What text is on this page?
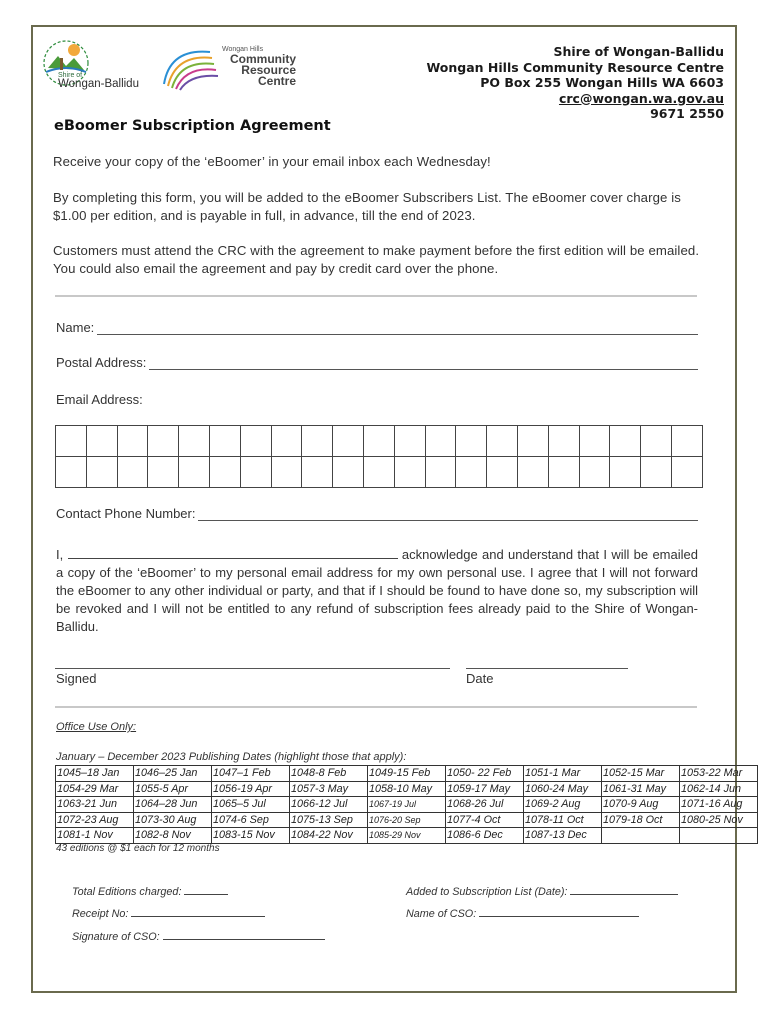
Shire of
Wongan-Ballidu
Wongan Hills
Community
Resource
Centre
Shire of Wongan-Ballidu
Wongan Hills Community Resource Centre
PO Box 255 Wongan Hills WA 6603
crc@wongan.wa.gov.au
9671 2550
eBoomer Subscription Agreement
Receive your copy of the ‘eBoomer’ in your email inbox each Wednesday!
By completing this form, you will be added to the eBoomer Subscribers List. The eBoomer cover charge is $1.00 per edition, and is payable in full, in advance, till the end of 2023.
Customers must attend the CRC with the agreement to make payment before the first edition will be emailed. You could also email the agreement and pay by credit card over the phone.
Name:
Postal Address:
Email Address:

Contact Phone Number:
I,	acknowledge and understand that I will be emailed a copy of the ‘eBoomer’ to my personal email address for my own personal use. I agree that I will not forward the eBoomer to any other individual or party, and that if I should be found to have done so, my subscription will be revoked and I will not be entitled to any refund of subscription fees already paid to the Shire of Wongan-Ballidu.
Signed	Date
Office Use Only:
January – December 2023 Publishing Dates (highlight those that apply):
1045–18 Jan	1046–25 Jan	1047–1 Feb	1048-8 Feb	1049-15 Feb	1050- 22 Feb	1051-1 Mar	1052-15 Mar	1053-22 Mar
1054-29 Mar	1055-5 Apr	1056-19 Apr	1057-3 May	1058-10 May	1059-17 May	1060-24 May	1061-31 May	1062-14 Jun
1063-21 Jun	1064–28 Jun	1065–5 Jul	1066-12 Jul	1067-19 Jul	1068-26 Jul	1069-2 Aug	1070-9 Aug	1071-16 Aug
1072-23 Aug	1073-30 Aug	1074-6 Sep	1075-13 Sep	1076-20 Sep	1077-4 Oct	1078-11 Oct	1079-18 Oct	1080-25 Nov
1081-1 Nov	1082-8 Nov	1083-15 Nov	1084-22 Nov	1085-29 Nov	1086-6 Dec	1087-13 Dec		
43 editions @ $1 each for 12 months
Total Editions charged:	Added to Subscription List (Date):
Receipt No:	Name of CSO:
Signature of CSO:
